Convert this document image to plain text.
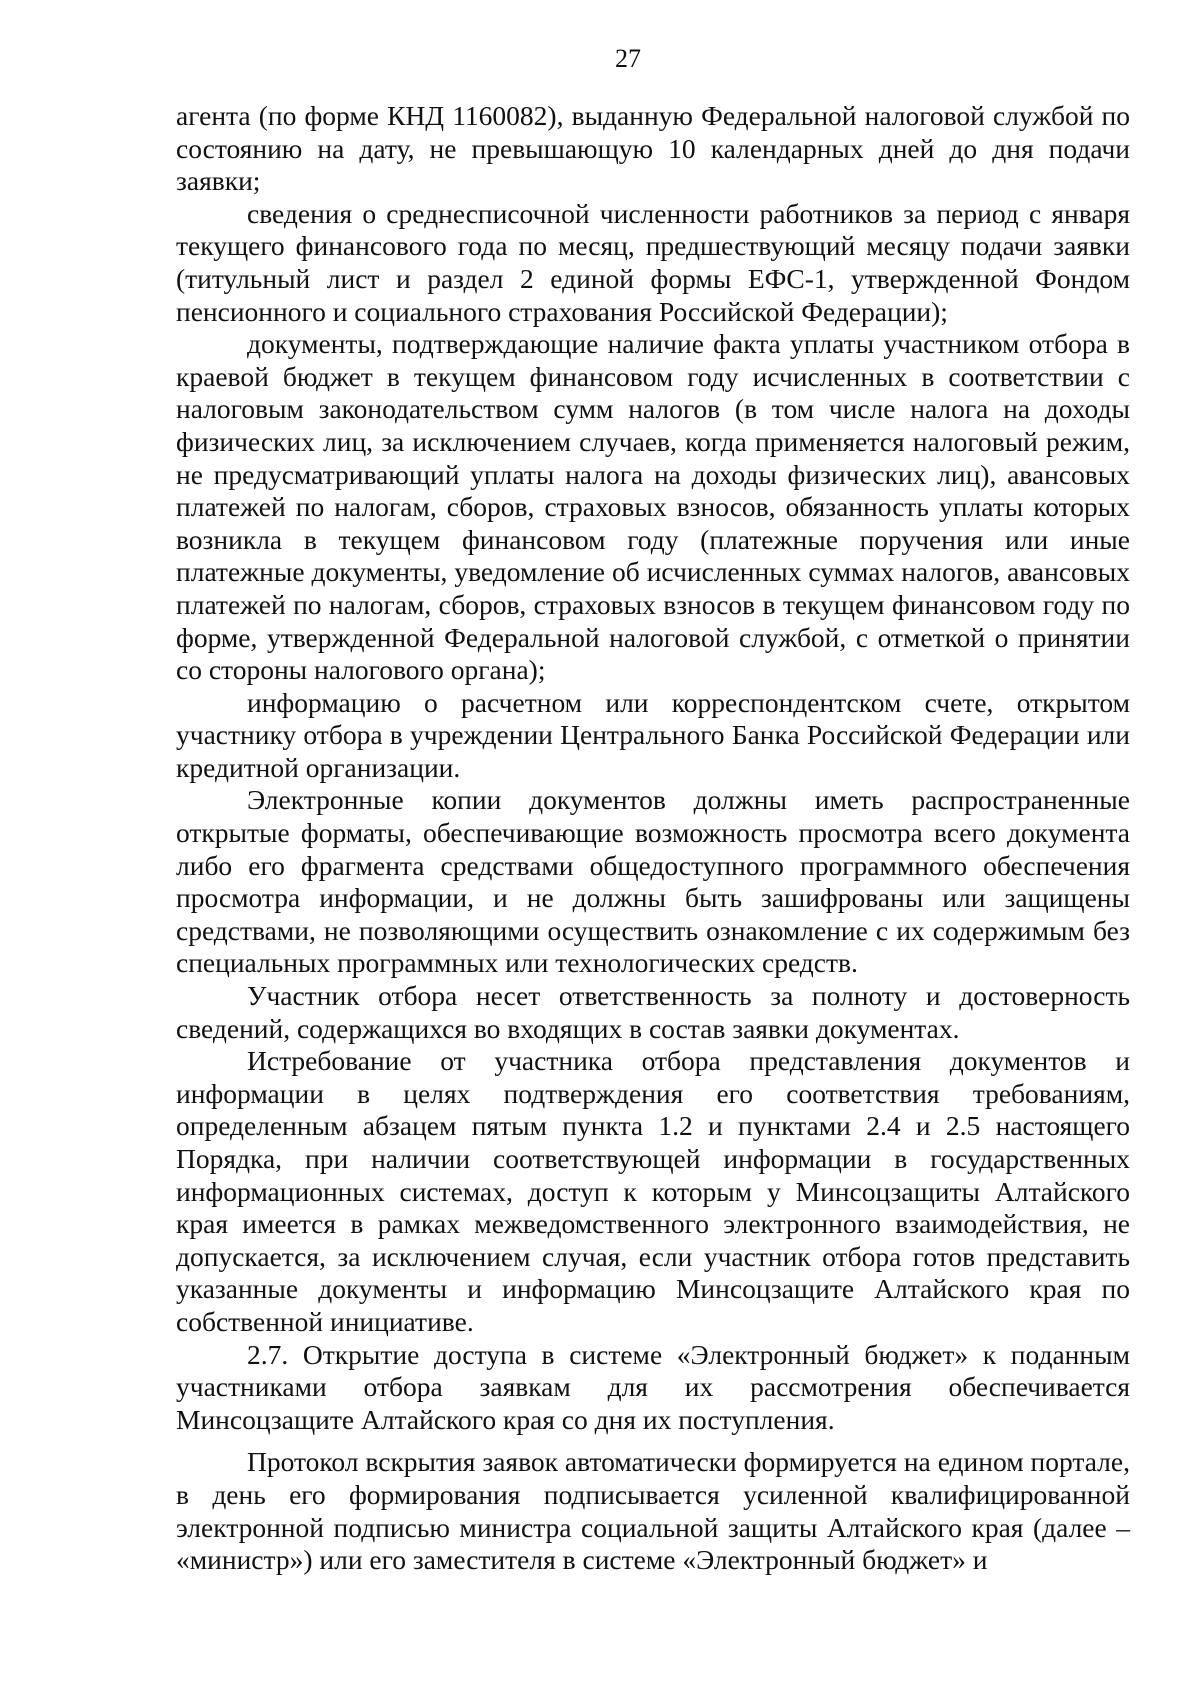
27

агента (по форме КНД 1160082), выданную Федеральной налоговой службой по состоянию на дату, не превышающую 10 календарных дней до дня подачи заявки;

сведения о среднесписочной численности работников за период с января текущего финансового года по месяц, предшествующий месяцу подачи заявки (титульный лист и раздел 2 единой формы ЕФС-1, утвержденной Фондом пенсионного и социального страхования Российской Федерации);

документы, подтверждающие наличие факта уплаты участником отбора в краевой бюджет в текущем финансовом году исчисленных в соответствии с налоговым законодательством сумм налогов (в том числе налога на доходы физических лиц, за исключением случаев, когда применяется налоговый режим, не предусматривающий уплаты налога на доходы физических лиц), авансовых платежей по налогам, сборов, страховых взносов, обязанность уплаты которых возникла в текущем финансовом году (платежные поручения или иные платежные документы, уведомление об исчисленных суммах налогов, авансовых платежей по налогам, сборов, страховых взносов в текущем финансовом году по форме, утвержденной Федеральной налоговой службой, с отметкой о принятии со стороны налогового органа);

информацию о расчетном или корреспондентском счете, открытом участнику отбора в учреждении Центрального Банка Российской Федерации или кредитной организации.

Электронные копии документов должны иметь распространенные открытые форматы, обеспечивающие возможность просмотра всего документа либо его фрагмента средствами общедоступного программного обеспечения просмотра информации, и не должны быть зашифрованы или защищены средствами, не позволяющими осуществить ознакомление с их содержимым без специальных программных или технологических средств.

Участник отбора несет ответственность за полноту и достоверность сведений, содержащихся во входящих в состав заявки документах.

Истребование от участника отбора представления документов и информации в целях подтверждения его соответствия требованиям, определенным абзацем пятым пункта 1.2 и пунктами 2.4 и 2.5 настоящего Порядка, при наличии соответствующей информации в государственных информационных системах, доступ к которым у Минсоцзащиты Алтайского края имеется в рамках межведомственного электронного взаимодействия, не допускается, за исключением случая, если участник отбора готов представить указанные документы и информацию Минсоцзащите Алтайского края по собственной инициативе.

2.7. Открытие доступа в системе «Электронный бюджет» к поданным участниками отбора заявкам для их рассмотрения обеспечивается Минсоцзащите Алтайского края со дня их поступления.

Протокол вскрытия заявок автоматически формируется на едином портале, в день его формирования подписывается усиленной квалифицированной электронной подписью министра социальной защиты Алтайского края (далее – «министр») или его заместителя в системе «Электронный бюджет» и
